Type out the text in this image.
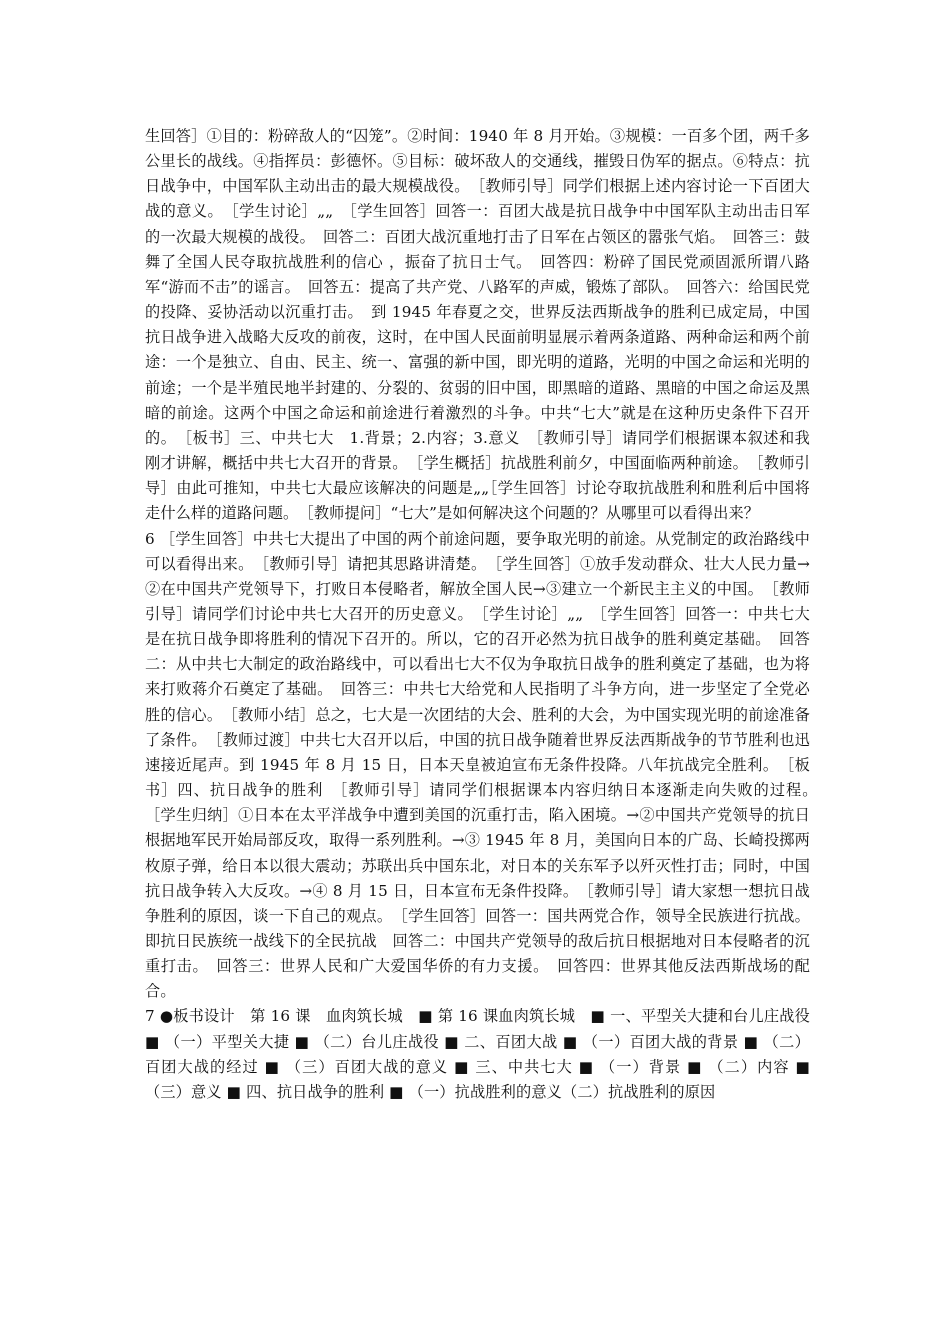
生回答］①目的：粉碎敌人的“囚笼”。②时间：1940 年 8 月开始。③规模：一百多个团，两千多公里长的战线。④指挥员：彭德怀。⑤目标：破坏敌人的交通线，摧毁日伪军的据点。⑥特点：抗日战争中，中国军队主动出击的最大规模战役。　［教师引导］同学们根据上述内容讨论一下百团大战的意义。　［学生讨论］„„　［学生回答］回答一：百团大战是抗日战争中中国军队主动出击日军的一次最大规模的战役。　回答二：百团大战沉重地打击了日军在占领区的嚣张气焰。　回答三：鼓舞了全国人民夺取抗战胜利的信心 ，振奋了抗日士气。　回答四：粉碎了国民党顽固派所谓八路军“游而不击”的谣言。　回答五：提高了共产党、八路军的声威，锻炼了部队。　回答六：给国民党的投降、妥协活动以沉重打击。　到 1945 年春夏之交，世界反法西斯战争的胜利已成定局，中国抗日战争进入战略大反攻的前夜，这时，在中国人民面前明显展示着两条道路、两种命运和两个前途：一个是独立、自由、民主、统一、富强的新中国，即光明的道路，光明的中国之命运和光明的前途；一个是半殖民地半封建的、分裂的、贫弱的旧中国，即黑暗的道路、黑暗的中国之命运及黑暗的前途。这两个中国之命运和前途进行着激烈的斗争。中共“七大”就是在这种历史条件下召开的。　［板书］三、中共七大　1.背景；2.内容；3.意义　［教师引导］请同学们根据课本叙述和我刚才讲解，概括中共七大召开的背景。　［学生概括］抗战胜利前夕，中国面临两种前途。　［教师引导］由此可推知，中共七大最应该解决的问题是„„［学生回答］讨论夺取抗战胜利和胜利后中国将走什么样的道路问题。　［教师提问］“七大”是如何解决这个问题的？从哪里可以看得出来？

6 ［学生回答］中共七大提出了中国的两个前途问题，要争取光明的前途。从党制定的政治路线中可以看得出来。　［教师引导］请把其思路讲清楚。　［学生回答］①放手发动群众、壮大人民力量→②在中国共产党领导下，打败日本侵略者，解放全国人民→③建立一个新民主主义的中国。　［教师引导］请同学们讨论中共七大召开的历史意义。　［学生讨论］„„　［学生回答］回答一：中共七大是在抗日战争即将胜利的情况下召开的。所以，它的召开必然为抗日战争的胜利奠定基础。　回答二：从中共七大制定的政治路线中，可以看出七大不仅为争取抗日战争的胜利奠定了基础，也为将来打败蒋介石奠定了基础。　回答三：中共七大给党和人民指明了斗争方向，进一步坚定了全党必胜的信心。　［教师小结］总之，七大是一次团结的大会、胜利的大会，为中国实现光明的前途准备了条件。　［教师过渡］中共七大召开以后，中国的抗日战争随着世界反法西斯战争的节节胜利也迅速接近尾声。到 1945 年 8 月 15 日，日本天皇被迫宣布无条件投降。八年抗战完全胜利。　［板书］四、抗日战争的胜利　［教师引导］请同学们根据课本内容归纳日本逐渐走向失败的过程。　［学生归纳］①日本在太平洋战争中遭到美国的沉重打击，陷入困境。→②中国共产党领导的抗日根据地军民开始局部反攻，取得一系列胜利。→③ 1945 年 8 月，美国向日本的广岛、长崎投掷两枚原子弹，给日本以很大震动；苏联出兵中国东北，对日本的关东军予以歼灭性打击；同时，中国抗日战争转入大反攻。→④ 8 月 15 日，日本宣布无条件投降。　［教师引导］请大家想一想抗日战争胜利的原因，谈一下自己的观点。　［学生回答］回答一：国共两党合作，领导全民族进行抗战。即抗日民族统一战线下的全民抗战　回答二：中国共产党领导的敌后抗日根据地对日本侵略者的沉重打击。　回答三：世界人民和广大爱国华侨的有力支援。　回答四：世界其他反法西斯战场的配合。

7 ●板书设计　第 16 课　血肉筑长城　■ 第 16 课血肉筑长城　■ 一、平型关大捷和台儿庄战役 ■ （一）平型关大捷 ■ （二）台儿庄战役 ■ 二、百团大战 ■ （一）百团大战的背景 ■ （二）百团大战的经过 ■ （三）百团大战的意义 ■ 三、中共七大 ■ （一）背景 ■ （二）内容 ■ （三）意义 ■ 四、抗日战争的胜利 ■ （一）抗战胜利的意义（二）抗战胜利的原因
